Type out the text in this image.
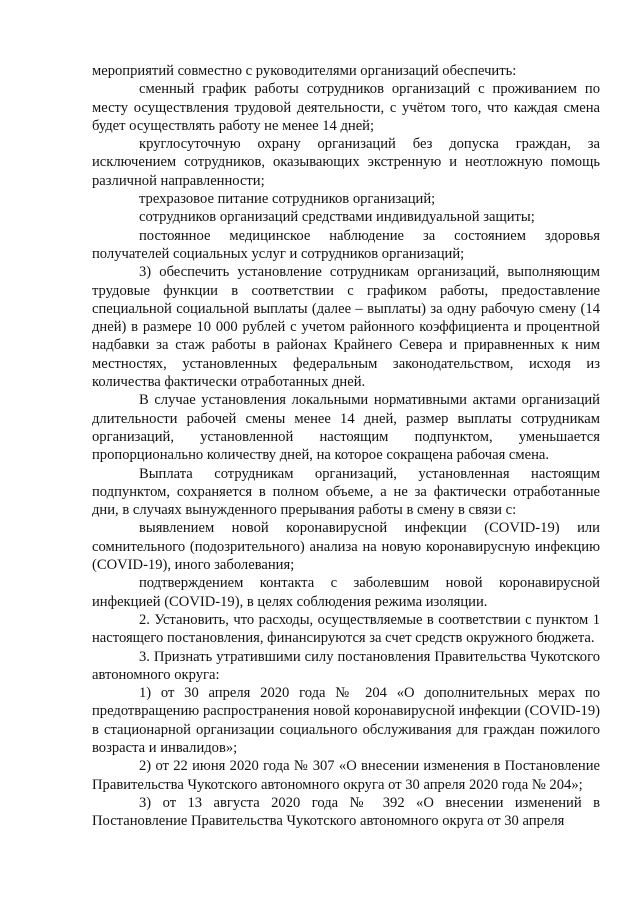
мероприятий совместно с руководителями организаций обеспечить:

сменный график работы сотрудников организаций с проживанием по месту осуществления трудовой деятельности, с учётом того, что каждая смена будет осуществлять работу не менее 14 дней;

круглосуточную охрану организаций без допуска граждан, за исключением сотрудников, оказывающих экстренную и неотложную помощь различной направленности;

трехразовое питание сотрудников организаций;

сотрудников организаций средствами индивидуальной защиты;

постоянное медицинское наблюдение за состоянием здоровья получателей социальных услуг и сотрудников организаций;

3) обеспечить установление сотрудникам организаций, выполняющим трудовые функции в соответствии с графиком работы, предоставление специальной социальной выплаты (далее – выплаты) за одну рабочую смену (14 дней) в размере 10 000 рублей с учетом районного коэффициента и процентной надбавки за стаж работы в районах Крайнего Севера и приравненных к ним местностях, установленных федеральным законодательством, исходя из количества фактически отработанных дней.

В случае установления локальными нормативными актами организаций длительности рабочей смены менее 14 дней, размер выплаты сотрудникам организаций, установленной настоящим подпунктом, уменьшается пропорционально количеству дней, на которое сокращена рабочая смена.

Выплата сотрудникам организаций, установленная настоящим подпунктом, сохраняется в полном объеме, а не за фактически отработанные дни, в случаях вынужденного прерывания работы в смену в связи с:

выявлением новой коронавирусной инфекции (COVID-19) или сомнительного (подозрительного) анализа на новую коронавирусную инфекцию (COVID-19), иного заболевания;

подтверждением контакта с заболевшим новой коронавирусной инфекцией (COVID-19), в целях соблюдения режима изоляции.

2. Установить, что расходы, осуществляемые в соответствии с пунктом 1 настоящего постановления, финансируются за счет средств окружного бюджета.

3. Признать утратившими силу постановления Правительства Чукотского автономного округа:

1) от 30 апреля 2020 года № 204 «О дополнительных мерах по предотвращению распространения новой коронавирусной инфекции (COVID-19) в стационарной организации социального обслуживания для граждан пожилого возраста и инвалидов»;

2) от 22 июня 2020 года № 307 «О внесении изменения в Постановление Правительства Чукотского автономного округа от 30 апреля 2020 года № 204»;

3) от 13 августа 2020 года № 392 «О внесении изменений в Постановление Правительства Чукотского автономного округа от 30 апреля
